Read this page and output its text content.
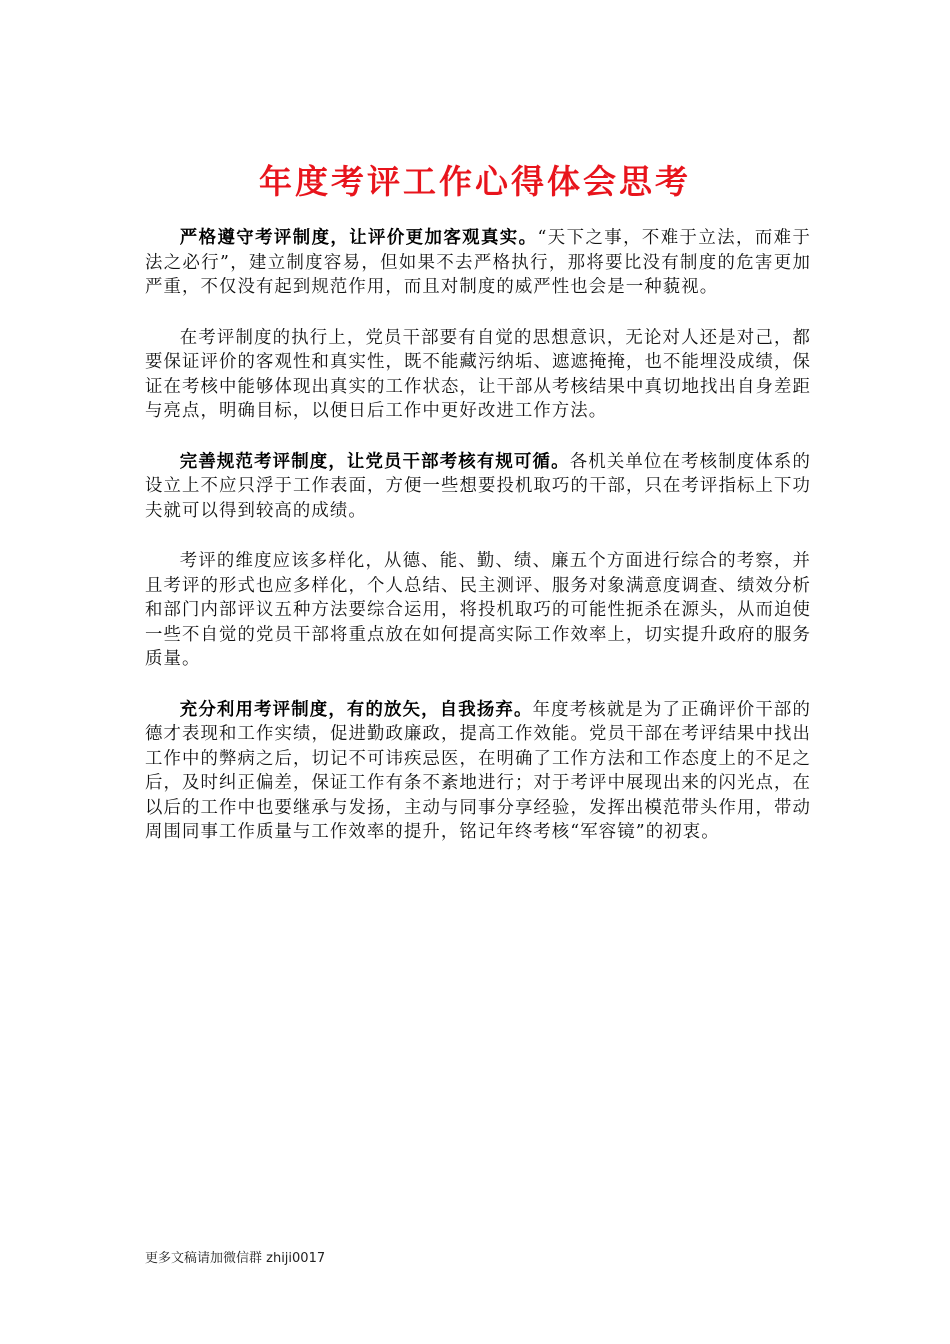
年度考评工作心得体会思考

严格遵守考评制度，让评价更加客观真实。“天下之事，不难于立法，而难于法之必行”，建立制度容易，但如果不去严格执行，那将要比没有制度的危害更加严重，不仅没有起到规范作用，而且对制度的威严性也会是一种藐视。

在考评制度的执行上，党员干部要有自觉的思想意识，无论对人还是对己，都要保证评价的客观性和真实性，既不能藏污纳垢、遮遮掩掩，也不能埋没成绩，保证在考核中能够体现出真实的工作状态，让干部从考核结果中真切地找出自身差距与亮点，明确目标，以便日后工作中更好改进工作方法。

完善规范考评制度，让党员干部考核有规可循。各机关单位在考核制度体系的设立上不应只浮于工作表面，方便一些想要投机取巧的干部，只在考评指标上下功夫就可以得到较高的成绩。

考评的维度应该多样化，从德、能、勤、绩、廉五个方面进行综合的考察，并且考评的形式也应多样化，个人总结、民主测评、服务对象满意度调查、绩效分析和部门内部评议五种方法要综合运用，将投机取巧的可能性扼杀在源头，从而迫使一些不自觉的党员干部将重点放在如何提高实际工作效率上，切实提升政府的服务质量。

充分利用考评制度，有的放矢，自我扬弃。年度考核就是为了正确评价干部的德才表现和工作实绩，促进勤政廉政，提高工作效能。党员干部在考评结果中找出工作中的弊病之后，切记不可讳疾忌医，在明确了工作方法和工作态度上的不足之后，及时纠正偏差，保证工作有条不紊地进行；对于考评中展现出来的闪光点，在以后的工作中也要继承与发扬，主动与同事分享经验，发挥出模范带头作用，带动周围同事工作质量与工作效率的提升，铭记年终考核“军容镜”的初衷。

更多文稿请加微信群 zhiji0017
